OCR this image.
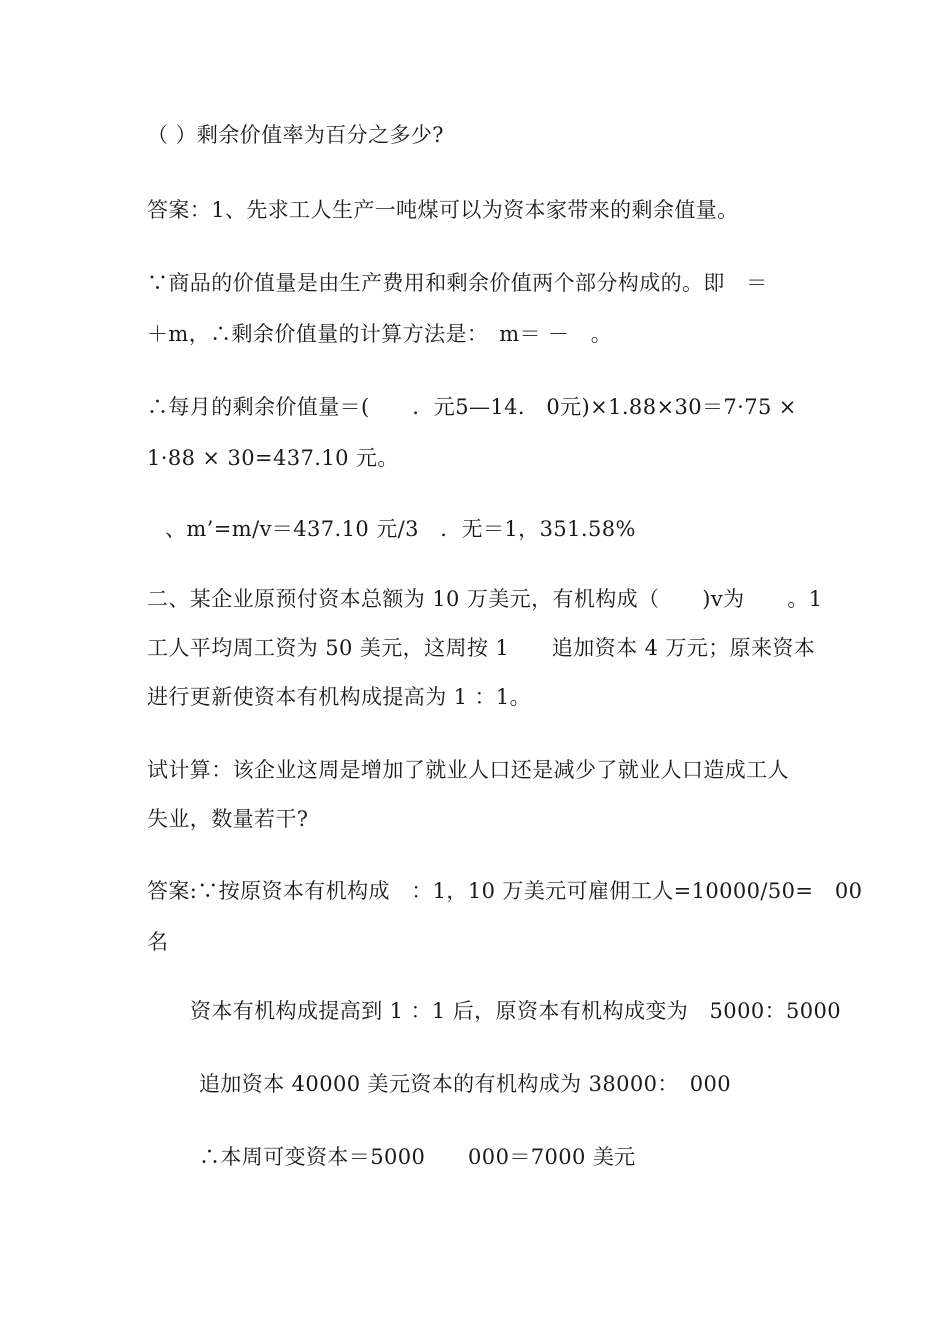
（ ）剩余价值率为百分之多少?
答案：1、先求工人生产一吨煤可以为资本家带来的剩余值量。
∵商品的价值量是由生产费用和剩余价值两个部分构成的。即　＝
＋m，∴剩余价值量的计算方法是：　m＝ －　。
∴每月的剩余价值量＝(　　．元5—14.　0元)×1.88×30＝7·75 ×
1·88 × 30=437.10 元。
、m’=m/v＝437.10 元/3　．无＝1，351.58%
二、某企业原预付资本总额为 10 万美元，有机构成（　　)v为　　。1
工人平均周工资为 50 美元，这周按 1　　追加资本 4 万元；原来资本
进行更新使资本有机构成提高为 1 ：1。
试计算：该企业这周是增加了就业人口还是减少了就业人口造成工人
失业，数量若干?
答案:∵按原资本有机构成　：1，10 万美元可雇佣工人=10000/50=　00
名
资本有机构成提高到 1 ：1 后，原资本有机构成变为　5000：5000
追加资本 40000 美元资本的有机构成为 38000：　000
∴本周可变资本＝5000　　000＝7000 美元
